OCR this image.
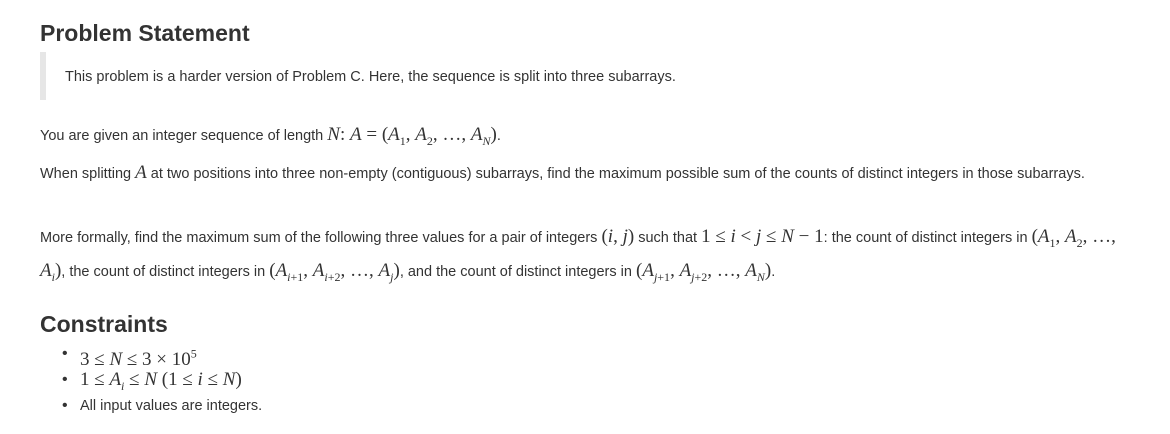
Problem Statement

This problem is a harder version of Problem C. Here, the sequence is split into three subarrays.

You are given an integer sequence of length N: $A = (A_1$, $A_2$, …, $A_N$).

When splitting A at two positions into three non-empty (contiguous) subarrays, find the maximum possible sum of the counts of distinct integers in those subarrays.

More formally, find the maximum sum of the following three values for a pair of integers (i, j) such that 1 ≤ i < j ≤ N − 1: the count of distinct integers in ($A_1$, $A_2$, …, $A_i$), the count of distinct integers in ($A_{i+1}$, $A_{i+2}$, …, $A_j$), and the count of distinct integers in ($A_{j+1}$, $A_{j+2}$, …, $A_N$).

Constraints
• $3 \le N \le 3 \times 10^5$
• $1 \le A_i \le N$ (1 ≤ i ≤ N)
• All input values are integers.
